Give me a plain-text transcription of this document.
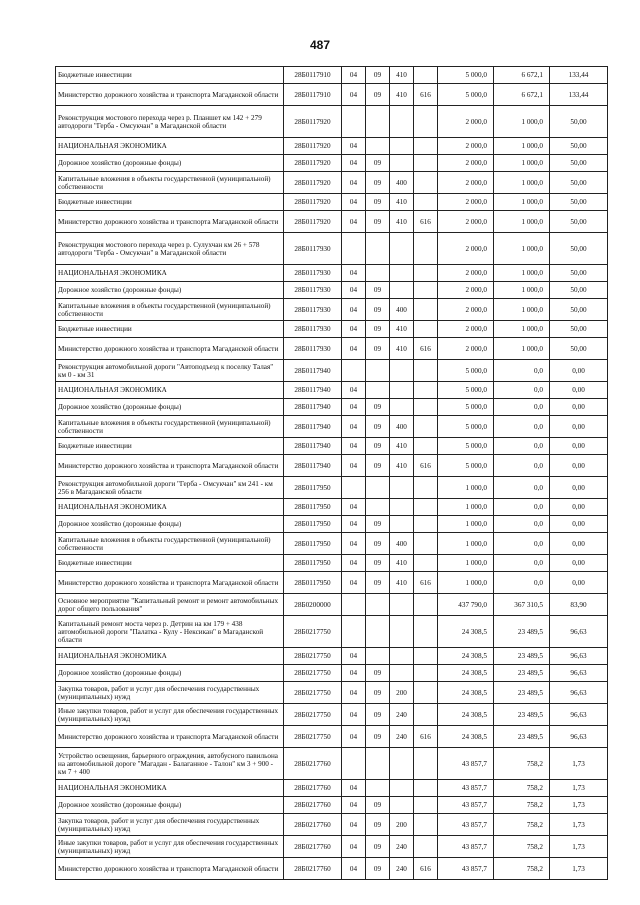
487
Бюджетные инвестиции	28Б0117910	04	09	410		5 000,0	6 672,1	133,44
Министерство дорожного хозяйства и транспорта Магаданской области	28Б0117910	04	09	410	616	5 000,0	6 672,1	133,44
Реконструкция мостового перехода через р. Планшет км 142 + 279 автодороги "Герба - Омсукчан" в Магаданской области	28Б0117920					2 000,0	1 000,0	50,00
НАЦИОНАЛЬНАЯ ЭКОНОМИКА	28Б0117920	04				2 000,0	1 000,0	50,00
Дорожное хозяйство (дорожные фонды)	28Б0117920	04	09			2 000,0	1 000,0	50,00
Капитальные вложения в объекты государственной (муниципальной) собственности	28Б0117920	04	09	400		2 000,0	1 000,0	50,00
Бюджетные инвестиции	28Б0117920	04	09	410		2 000,0	1 000,0	50,00
Министерство дорожного хозяйства и транспорта Магаданской области	28Б0117920	04	09	410	616	2 000,0	1 000,0	50,00
Реконструкция мостового перехода через р. Сулухчан км 26 + 578 автодороги "Герба - Омсукчан" в Магаданской области	28Б0117930					2 000,0	1 000,0	50,00
НАЦИОНАЛЬНАЯ ЭКОНОМИКА	28Б0117930	04				2 000,0	1 000,0	50,00
Дорожное хозяйство (дорожные фонды)	28Б0117930	04	09			2 000,0	1 000,0	50,00
Капитальные вложения в объекты государственной (муниципальной) собственности	28Б0117930	04	09	400		2 000,0	1 000,0	50,00
Бюджетные инвестиции	28Б0117930	04	09	410		2 000,0	1 000,0	50,00
Министерство дорожного хозяйства и транспорта Магаданской области	28Б0117930	04	09	410	616	2 000,0	1 000,0	50,00
Реконструкция автомобильной дороги "Автоподъезд к поселку Талая" км 0 - км 31	28Б0117940					5 000,0	0,0	0,00
НАЦИОНАЛЬНАЯ ЭКОНОМИКА	28Б0117940	04				5 000,0	0,0	0,00
Дорожное хозяйство (дорожные фонды)	28Б0117940	04	09			5 000,0	0,0	0,00
Капитальные вложения в объекты государственной (муниципальной) собственности	28Б0117940	04	09	400		5 000,0	0,0	0,00
Бюджетные инвестиции	28Б0117940	04	09	410		5 000,0	0,0	0,00
Министерство дорожного хозяйства и транспорта Магаданской области	28Б0117940	04	09	410	616	5 000,0	0,0	0,00
Реконструкция автомобильной дороги "Герба - Омсукчан" км 241 - км 256 в Магаданской области	28Б0117950					1 000,0	0,0	0,00
НАЦИОНАЛЬНАЯ ЭКОНОМИКА	28Б0117950	04				1 000,0	0,0	0,00
Дорожное хозяйство (дорожные фонды)	28Б0117950	04	09			1 000,0	0,0	0,00
Капитальные вложения в объекты государственной (муниципальной) собственности	28Б0117950	04	09	400		1 000,0	0,0	0,00
Бюджетные инвестиции	28Б0117950	04	09	410		1 000,0	0,0	0,00
Министерство дорожного хозяйства и транспорта Магаданской области	28Б0117950	04	09	410	616	1 000,0	0,0	0,00
Основное мероприятие "Капитальный ремонт и ремонт автомобильных дорог общего пользования"	28Б0200000					437 790,0	367 310,5	83,90
Капитальный ремонт моста через р. Детрин на км 179 + 438 автомобильной дороги "Палатка - Кулу - Нексикан" в Магаданской области	28Б0217750					24 308,5	23 489,5	96,63
НАЦИОНАЛЬНАЯ ЭКОНОМИКА	28Б0217750	04				24 308,5	23 489,5	96,63
Дорожное хозяйство (дорожные фонды)	28Б0217750	04	09			24 308,5	23 489,5	96,63
Закупка товаров, работ и услуг для обеспечения государственных (муниципальных) нужд	28Б0217750	04	09	200		24 308,5	23 489,5	96,63
Иные закупки товаров, работ и услуг для обеспечения государственных (муниципальных) нужд	28Б0217750	04	09	240		24 308,5	23 489,5	96,63
Министерство дорожного хозяйства и транспорта Магаданской области	28Б0217750	04	09	240	616	24 308,5	23 489,5	96,63
Устройство освещения, барьерного ограждения, автобусного павильона на автомобильной дороге "Магадан - Балаганное - Талон" км 3 + 900 - км 7 + 400	28Б0217760					43 857,7	758,2	1,73
НАЦИОНАЛЬНАЯ ЭКОНОМИКА	28Б0217760	04				43 857,7	758,2	1,73
Дорожное хозяйство (дорожные фонды)	28Б0217760	04	09			43 857,7	758,2	1,73
Закупка товаров, работ и услуг для обеспечения государственных (муниципальных) нужд	28Б0217760	04	09	200		43 857,7	758,2	1,73
Иные закупки товаров, работ и услуг для обеспечения государственных (муниципальных) нужд	28Б0217760	04	09	240		43 857,7	758,2	1,73
Министерство дорожного хозяйства и транспорта Магаданской области	28Б0217760	04	09	240	616	43 857,7	758,2	1,73
